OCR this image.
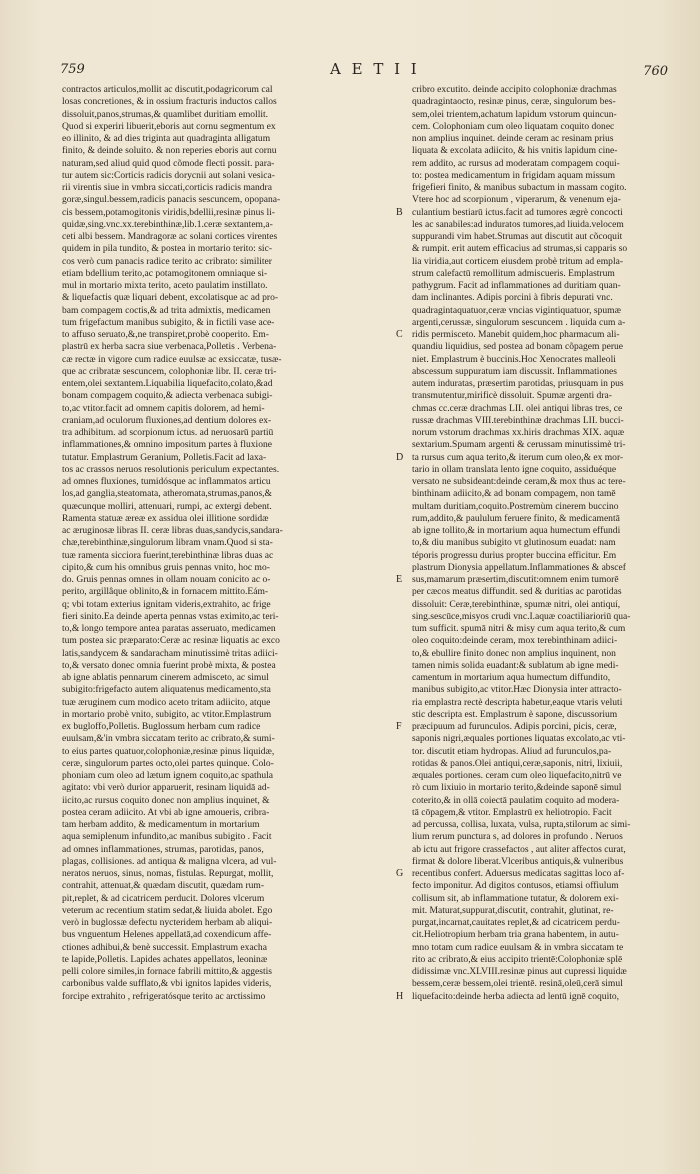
759	A E T I I	760
contractos articulos,mollit ac discutit,podagricorum cal
losas concretiones, & in ossium fracturis inductos callos
dissoluit,panos,strumas,& quamlibet duritiam emollit.
Quod si experiri libuerit,eboris aut cornu segmentum ex
eo illinito, & ad dies triginta aut quadraginta alligatum
finito, & deinde soluito. & non reperies eboris aut cornu
naturam,sed aliud quid quod cõmode flecti possit. para-
tur autem sic:Corticis radicis dorycnii aut solani vesica-
rii virentis siue in vmbra siccati,corticis radicis mandra
goræ,singul.bessem,radicis panacis sescuncem, opopana-
cis bessem,potamogitonis viridis,bdellii,resinæ pinus li-
quidæ,sing.vnc.xx.terebinthinæ,lib.1.ceræ sextantem,a-
ceti albi bessem. Mandragoræ ac solani cortices virentes
quidem in pila tundito, & postea in mortario terito: sic-
cos verò cum panacis radice terito ac cribrato: similiter
etiam bdellium terito,ac potamogitonem omniaque si-
mul in mortario mixta terito, aceto paulatim instillato.
& liquefactis quæ liquari debent, excolatisque ac ad pro-
bam compagem coctis,& ad trita admixtis, medicamen
tum frigefactum manibus subigito, & in fictili vase ace-
to affuso seruato,&,ne transpiret,probè cooperito. Em-
plastrū ex herba sacra siue verbenaca,Polletis . Verbena-
cæ rectæ in vigore cum radice euulsæ ac exsiccatæ, tusæ-
que ac cribratæ sescuncem, colophoniæ libr. II. ceræ tri-
entem,olei sextantem.Liquabilia liquefacito,colato,&ad
bonam compagem coquito,& adiecta verbenaca subigi-
to,ac vtitor.facit ad omnem capitis dolorem, ad hemi-
craniam,ad oculorum fluxiones,ad dentium dolores ex-
tra adhibitum. ad scorpionum ictus. ad neruosarū partiū
inflammationes,& omnino impositum partes à fluxione
tutatur. Emplastrum Geranium, Polletis.Facit ad laxa-
tos ac crassos neruos resolutionis periculum expectantes.
ad omnes fluxiones, tumidósque ac inflammatos articu
los,ad ganglia,steatomata, atheromata,strumas,panos,&
quæcunque molliri, attenuari, rumpi, ac extergi debent.
Ramenta statuæ æreæ ex assidua olei illitione sordidæ
ac æruginosæ libras II. ceræ libras duas,sandycis,sandara-
chæ,terebinthinæ,singulorum libram vnam.Quod si sta-
tuæ ramenta sicciora fuerint,terebinthinæ libras duas ac
cipito,& cum his omnibus gruis pennas vnito, hoc mo-
do. Gruis pennas omnes in ollam nouam conicito ac o-
perito, argillâque oblinito,& in fornacem mittito.Eám-
q; vbi totam exterius ignitam videris,extrahito, ac frige
fieri sinito.Ea deinde aperta pennas vstas eximito,ac teri-
to,& longo tempore antea paratas asseruato, medicamen
tum postea sic præparato:Ceræ ac resinæ liquatis ac exco
latis,sandycem & sandaracham minutissimè tritas adiici-
to,& versato donec omnia fuerint probè mixta, & postea
ab igne ablatis pennarum cinerem admisceto, ac simul
subigito:frigefacto autem aliquatenus medicamento,sta
tuæ æruginem cum modico aceto tritam adiicito, atque
in mortario probè vnito, subigito, ac vtitor.Emplastrum
ex bugloffo,Polletis. Buglossum herbam cum radice
euulsam,&'in vmbra siccatam terito ac cribrato,& sumi-
to eius partes quatuor,colophoniæ,resinæ pinus liquidæ,
ceræ, singulorum partes octo,olei partes quinque. Colo-
phoniam cum oleo ad lætum ignem coquito,ac spathula
agitato: vbi verò durior apparuerit, resinam liquidā ad-
iicito,ac rursus coquito donec non amplius inquinet, &
postea ceram adiicito. At vbi ab igne amoueris, cribra-
tam herbam addito, & medicamentum in mortarium
aqua semiplenum infundito,ac manibus subigito . Facit
ad omnes inflammationes, strumas, parotidas, panos,
plagas, collisiones. ad antiqua & maligna vlcera, ad vul-
neratos neruos, sinus, nomas, fistulas. Repurgat, mollit,
contrahit, attenuat,& quædam discutit, quædam rum-
pit,replet, & ad cicatricem perducit. Dolores vlcerum
veterum ac recentium statim sedat,& liuida abolet. Ego
verò in buglossæ defectu nycteridem herbam ab aliqui-
bus vnguentum Helenes appellatā,ad coxendicum affe-
ctiones adhibui,& benè successit. Emplastrum exacha
te lapide,Polletis. Lapides achates appellatos, leoninæ
pelli colore similes,in fornace fabrili mittito,& aggestis
carbonibus valde sufflato,& vbi ignitos lapides videris,
forcipe extrahito , refrigeratósque terito ac arctissimo
B
C
D
E
F
G
H
cribro excutito. deinde accipito colophoniæ drachmas
quadragintaocto, resinæ pinus, ceræ, singulorum bes-
sem,olei trientem,achatum lapidum vstorum quincun-
cem. Colophoniam cum oleo liquatam coquito donec
non amplius inquinet. deinde ceram ac resinam prius
liquata & excolata adiicito, & his vnitis lapidum cine-
rem addito, ac rursus ad moderatam compagem coqui-
to: postea medicamentum in frigidam aquam missum
frigefieri finito, & manibus subactum in massam cogito.
Vtere hoc ad scorpionum , viperarum, & venenum eja-
culantium bestiarū ictus.facit ad tumores ægrè concocti
les ac sanabiles:ad induratos tumores,ad liuida.velocem
suppurandi vim habet.Strumas aut discutit aut cõcoquit
& rumpit. erit autem efficacius ad strumas,si capparis so
lia viridia,aut corticem eiusdem probè tritum ad empla-
strum calefactū remollitum admiscueris. Emplastrum
pathygrum. Facit ad inflammationes ad duritiam quan-
dam inclinantes. Adipis porcini à fibris depurati vnc.
quadragintaquatuor,ceræ vncias vigintiquatuor, spumæ
argenti,cerussæ, singulorum sescuncem . liquida cum a-
ridis permisceto. Manebit quidem,hoc pharmacum ali-
quandiu liquidius, sed postea ad bonam cõpagem perue
niet. Emplastrum è buccinis.Hoc Xenocrates malleoli
abscessum suppuratum iam discussit. Inflammationes
autem induratas, præsertim parotidas, priusquam in pus
transmutentur,mirificè dissoluit. Spumæ argenti dra-
chmas cc.ceræ drachmas LII. olei antiqui libras tres, ce
russæ drachmas VIII.terebinthinæ drachmas LII. bucci-
norum vstorum drachmas xx.hiris drachmas XIX. aquæ
sextarium.Spumam argenti & cerussam minutissimè tri-
ta rursus cum aqua terito,& iterum cum oleo,& ex mor-
tario in ollam translata lento igne coquito, assiduéque
versato ne subsideant:deinde ceram,& mox thus ac tere-
binthinam adiicito,& ad bonam compagem, non tamē
multam duritiam,coquito.Postremùm cinerem buccino
rum,addito,& paululum feruere finito, & medicamentā
ab igne tollito,& in mortarium aqua humectum effundi
to,& diu manibus subigito vt glutinosum euadat: nam
téporis progressu durius propter buccina efficitur. Em
plastrum Dionysia appellatum.Inflammationes & abscef
sus,mamarum præsertim,discutit:omnem enim tumorē
per cæcos meatus diffundit. sed & duritias ac parotidas
dissoluit: Ceræ,terebinthinæ, spumæ nitri, olei antiquí,
sing.sescūce,misyos crudi vnc.I.aquæ coactiliarioriū qua-
tum sufficit. spumā nitri & misy cum aqua terito,& cum
oleo coquito:deinde ceram, mox terebinthinam adiici-
to,& ebullire finito donec non amplius inquinent, non
tamen nimis solida euadant:& sublatum ab igne medi-
camentum in mortarium aqua humectum diffundito,
manibus subigito,ac vtitor.Hæc Dionysia inter attracto-
ria emplastra rectè descripta habetur,eaque vtaris veluti
stic descripta est. Emplastrum è sapone, discussorium
præcipuum ad furunculos. Adipis porcini, picis, ceræ,
saponis nigri,æquales portiones liquatas excolato,ac vti-
tor. discutit etiam hydropas. Aliud ad furunculos,pa-
rotidas & panos.Olei antiqui,ceræ,saponis, nitri, lixiuii,
æquales portiones. ceram cum oleo liquefacito,nitrū ve
rò cum lixiuio in mortario terito,&deinde saponē simul
coterito,& in ollā coiectā paulatim coquito ad modera-
tā cōpagem,& vtitor. Emplastrū ex heliotropio. Facit
ad percussa, collisa, luxata, vulsa, rupta,stilorum ac simi-
lium rerum punctura s, ad dolores in profundo . Neruos
ab ictu aut frigore crassefactos , aut aliter affectos curat,
firmat & dolore liberat.Vlceribus antiquis,& vulneribus
recentibus confert. Aduersus medicatas sagittas loco af-
fecto imponitur. Ad digitos contusos, etiamsi offiulum
collisum sit, ab inflammatione tutatur, & dolorem exi-
mit. Maturat,suppurat,discutit, contrahit, glutinat, re-
purgat,incarnat,cauitates replet,& ad cicatricem perdu-
cit.Heliotropium herbam tria grana habentem, in autu-
mno totam cum radice euulsam & in vmbra siccatam te
rito ac cribrato,& eius accipito trientē:Colophoniæ splē
didissimæ vnc.XLVIII.resinæ pinus aut cupressi liquidæ
bessem,ceræ bessem,olei trientē. resinā,oleū,cerā simul
liquefacito:deinde herba adiecta ad lentū ignē coquito,
